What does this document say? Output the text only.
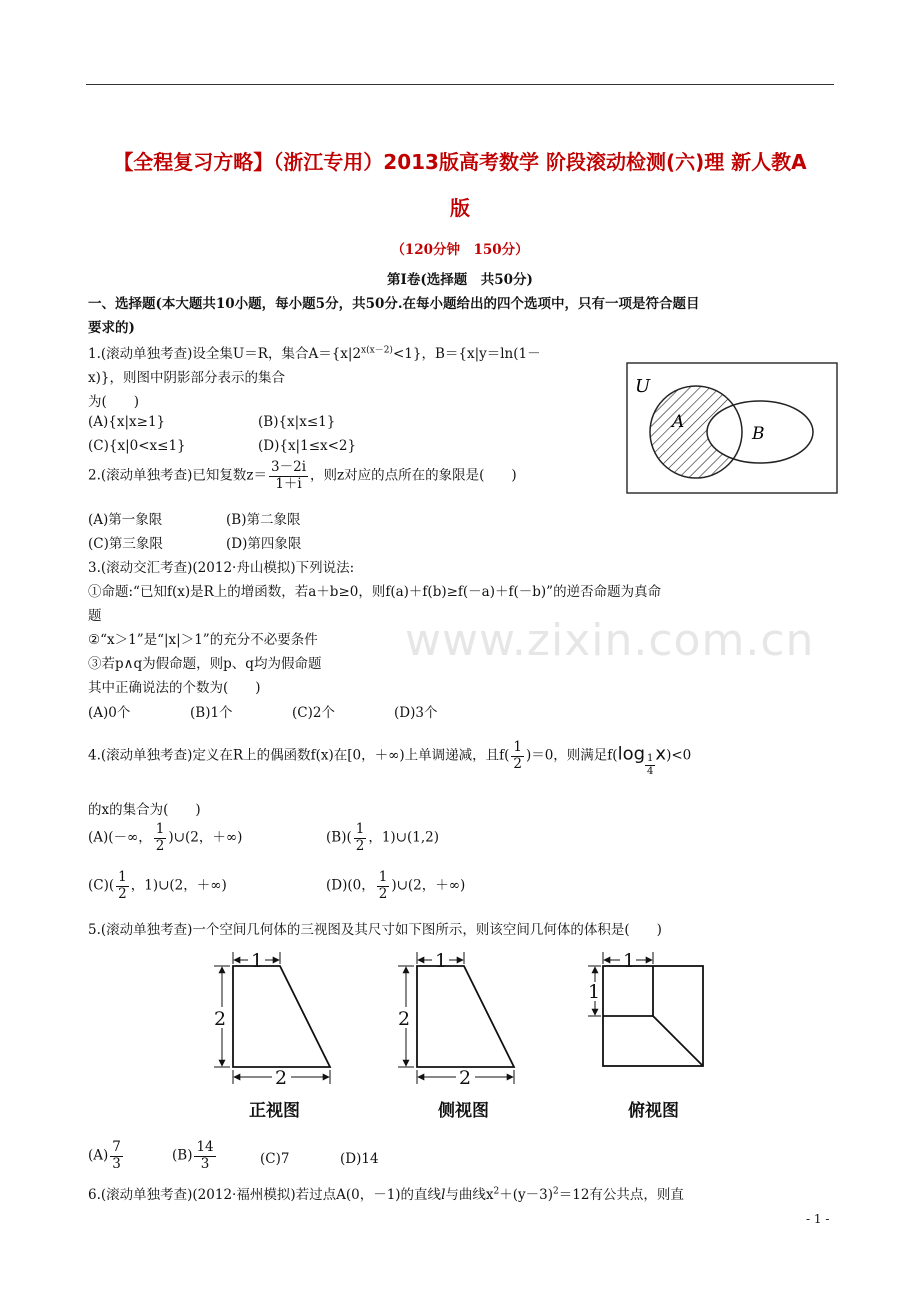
【全程复习方略】（浙江专用）2013版高考数学 阶段滚动检测(六)理 新人教A
版
（120分钟　150分）
第Ⅰ卷(选择题　共50分)
一、选择题(本大题共10小题，每小题5分，共50分.在每小题给出的四个选项中，只有一项是符合题目
要求的)
www.zixin.com.cn
1.(滚动单独考查)设全集U＝R，集合$A=\{x|2^{x(x-2)}<1\}$，B＝{x|y＝ln(1－
x)}，则图中阴影部分表示的集合
为(　　)
(A){x|x≥1}	(B){x|x≤1}
(C){x|0<x≤1}	(D){x|1≤x<2}
U
A
B
2.(滚动单独考查)已知复数$z= \frac{3-2i}{1+i}$ ，则z对应的点所在的象限是(　　)
(A)第一象限	(B)第二象限
(C)第三象限	(D)第四象限
3.(滚动交汇考查)(2012·舟山模拟)下列说法:
①命题:“已知f(x)是R上的增函数，若a＋b≥0，则f(a)＋f(b)≥f(－a)＋f(－b)”的逆否命题为真命
题
②“x＞1”是“|x|＞1”的充分不必要条件
③若p∧q为假命题，则p、q均为假命题
其中正确说法的个数为(　　)
(A)0个	(B)1个	(C)2个	(D)3个
4.(滚动单独考查)定义在R上的偶函数f(x)在[0，＋∞)上单调递减，且$f( \frac{1}{2} )=0$，则满足$f(\log \frac{1}{4} x)<0$
的x的集合为(　　)
(A)(－∞， $\frac{1}{2}$ )∪(2，＋∞)	$(B)( \frac{1}{2}$ ，1)∪(1,2)
$(C)( \frac{1}{2}$ ，1)∪(2，＋∞)	(D)(0， $\frac{1}{2}$ )∪(2，＋∞)
5.(滚动单独考查)一个空间几何体的三视图及其尺寸如下图所示，则该空间几何体的体积是(　　)
1
2
2
1
2
2
1
1
正视图	侧视图	俯视图
$(A) \frac{7}{3}$	$(B) \frac{14}{3}$	(C)7	(D)14
6.(滚动单独考查)(2012·福州模拟)若过点A(0，－1)的直线l与曲线$x^2+(y-3)^2=12$有公共点，则直
- 1 -
